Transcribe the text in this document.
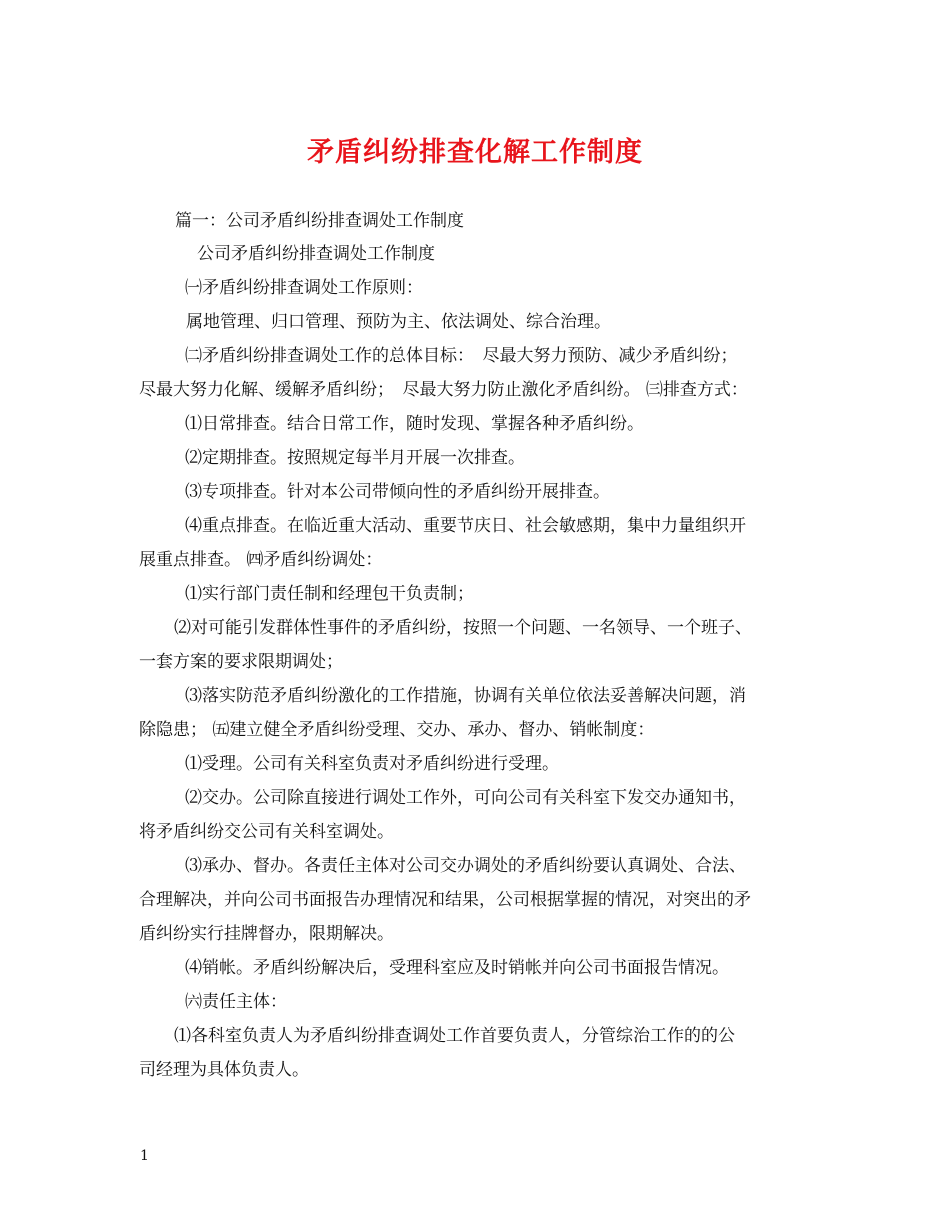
矛盾纠纷排查化解工作制度
篇一：公司矛盾纠纷排查调处工作制度
公司矛盾纠纷排查调处工作制度
㈠矛盾纠纷排查调处工作原则：
属地管理、归口管理、预防为主、依法调处、综合治理。
㈡矛盾纠纷排查调处工作的总体目标：　尽最大努力预防、减少矛盾纠纷；
尽最大努力化解、缓解矛盾纠纷；　尽最大努力防止激化矛盾纠纷。 ㈢排查方式：
⑴日常排查。结合日常工作，随时发现、掌握各种矛盾纠纷。
⑵定期排查。按照规定每半月开展一次排查。
⑶专项排查。针对本公司带倾向性的矛盾纠纷开展排查。
⑷重点排查。在临近重大活动、重要节庆日、社会敏感期，集中力量组织开
展重点排查。 ㈣矛盾纠纷调处：
⑴实行部门责任制和经理包干负责制；
⑵对可能引发群体性事件的矛盾纠纷，按照一个问题、一名领导、一个班子、
一套方案的要求限期调处；
⑶落实防范矛盾纠纷激化的工作措施，协调有关单位依法妥善解决问题，消
除隐患； ㈤建立健全矛盾纠纷受理、交办、承办、督办、销帐制度：
⑴受理。公司有关科室负责对矛盾纠纷进行受理。
⑵交办。公司除直接进行调处工作外，可向公司有关科室下发交办通知书，
将矛盾纠纷交公司有关科室调处。
⑶承办、督办。各责任主体对公司交办调处的矛盾纠纷要认真调处、合法、
合理解决，并向公司书面报告办理情况和结果，公司根据掌握的情况，对突出的矛
盾纠纷实行挂牌督办，限期解决。
⑷销帐。矛盾纠纷解决后，受理科室应及时销帐并向公司书面报告情况。
㈥责任主体：
⑴各科室负责人为矛盾纠纷排查调处工作首要负责人，分管综治工作的的公
司经理为具体负责人。
1
